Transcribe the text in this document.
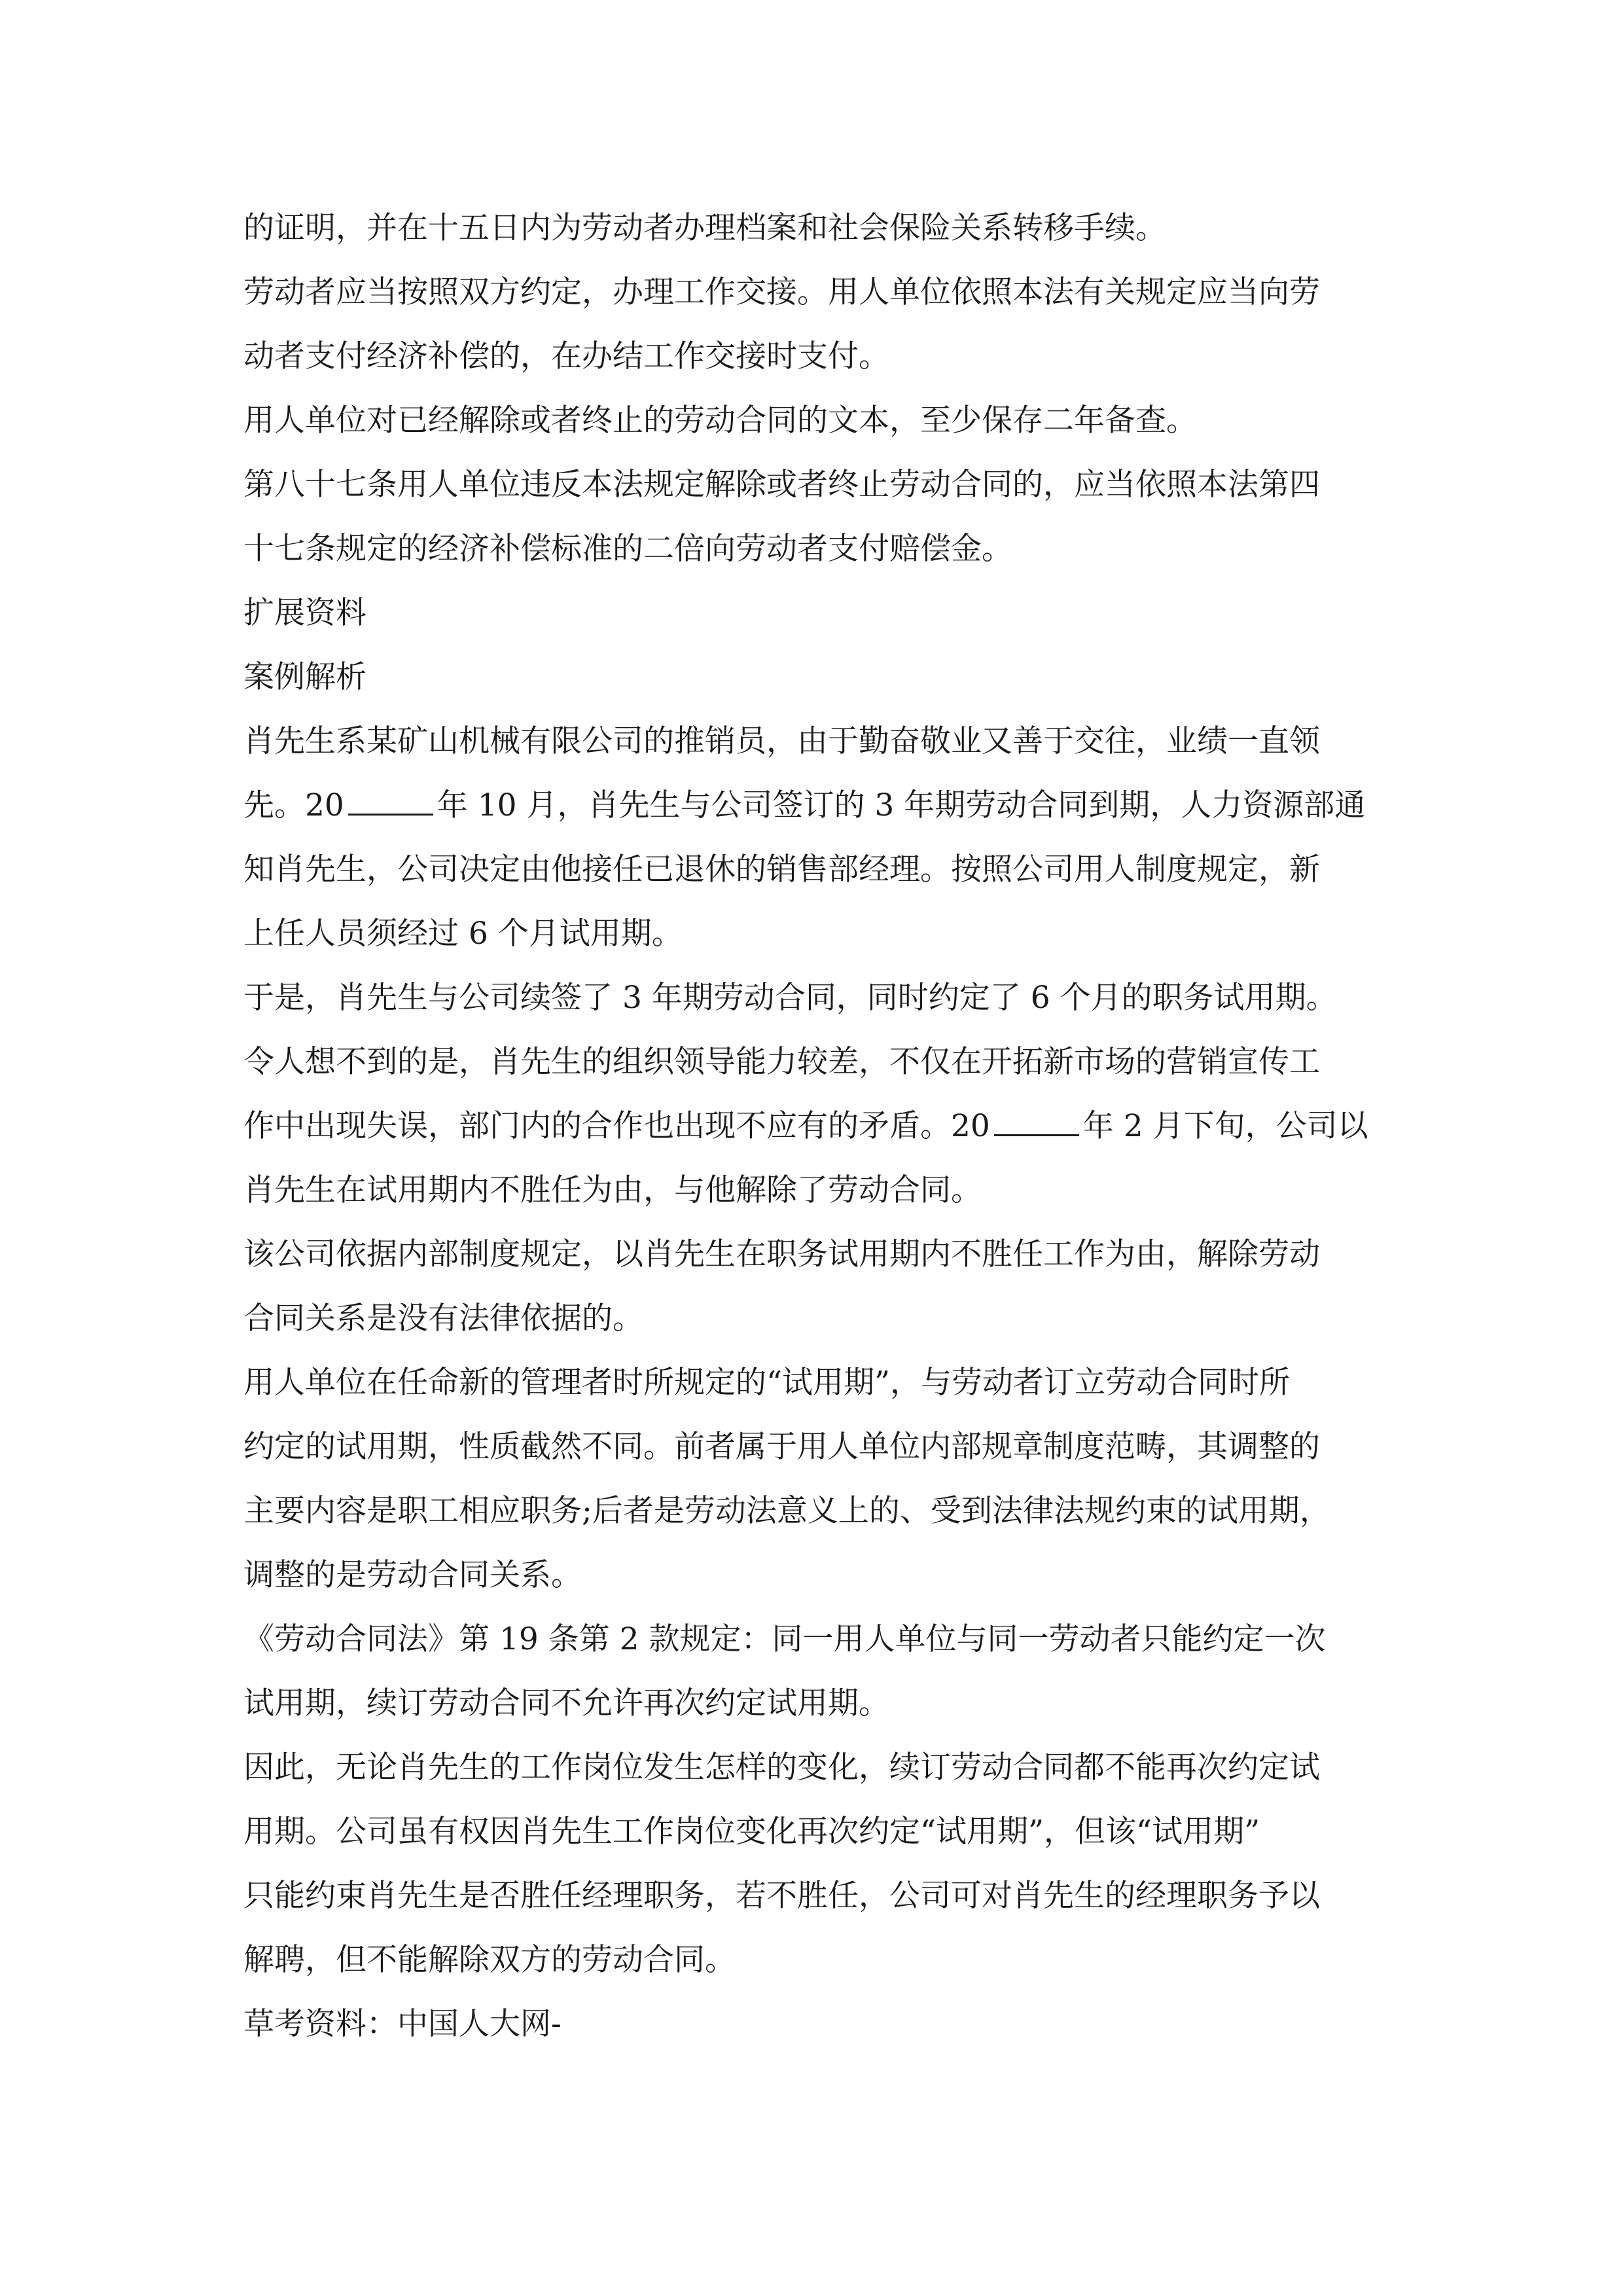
的证明，并在十五日内为劳动者办理档案和社会保险关系转移手续。
劳动者应当按照双方约定，办理工作交接。用人单位依照本法有关规定应当向劳
动者支付经济补偿的，在办结工作交接时支付。
用人单位对已经解除或者终止的劳动合同的文本，至少保存二年备查。
第八十七条用人单位违反本法规定解除或者终止劳动合同的，应当依照本法第四
十七条规定的经济补偿标准的二倍向劳动者支付赔偿金。
扩展资料
案例解析
肖先生系某矿山机械有限公司的推销员，由于勤奋敬业又善于交往，业绩一直领
先。20	年 10 月，肖先生与公司签订的 3 年期劳动合同到期，人力资源部通
知肖先生，公司决定由他接任已退休的销售部经理。按照公司用人制度规定，新
上任人员须经过 6 个月试用期。
于是，肖先生与公司续签了 3 年期劳动合同，同时约定了 6 个月的职务试用期。
令人想不到的是，肖先生的组织领导能力较差，不仅在开拓新市场的营销宣传工
作中出现失误，部门内的合作也出现不应有的矛盾。20	年 2 月下旬，公司以
肖先生在试用期内不胜任为由，与他解除了劳动合同。
该公司依据内部制度规定，以肖先生在职务试用期内不胜任工作为由，解除劳动
合同关系是没有法律依据的。
用人单位在任命新的管理者时所规定的“试用期”，与劳动者订立劳动合同时所
约定的试用期，性质截然不同。前者属于用人单位内部规章制度范畴，其调整的
主要内容是职工相应职务;后者是劳动法意义上的、受到法律法规约束的试用期，
调整的是劳动合同关系。
《劳动合同法》第 19 条第 2 款规定：同一用人单位与同一劳动者只能约定一次
试用期，续订劳动合同不允许再次约定试用期。
因此，无论肖先生的工作岗位发生怎样的变化，续订劳动合同都不能再次约定试
用期。公司虽有权因肖先生工作岗位变化再次约定“试用期”，但该“试用期”
只能约束肖先生是否胜任经理职务，若不胜任，公司可对肖先生的经理职务予以
解聘，但不能解除双方的劳动合同。
草考资料：中国人大网-
